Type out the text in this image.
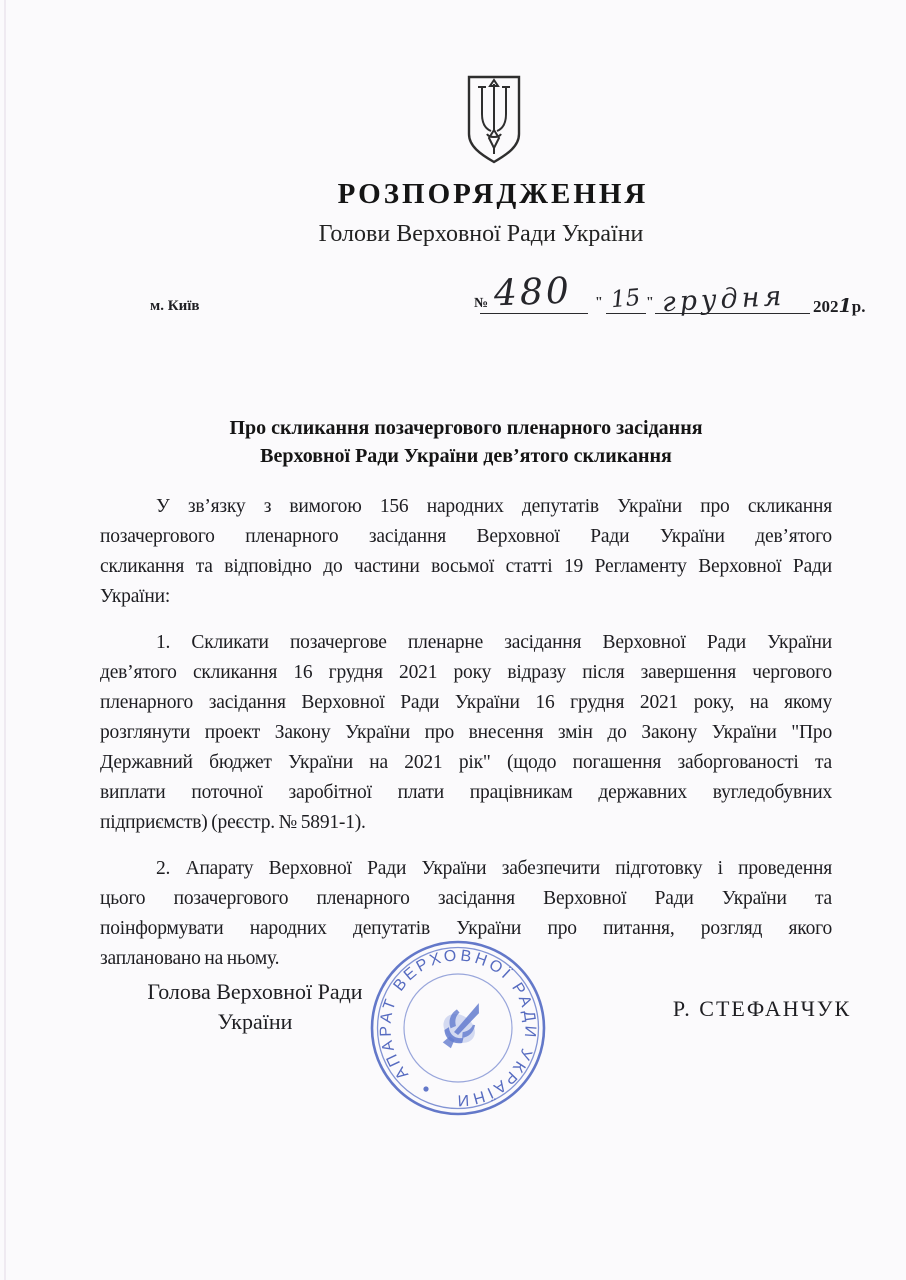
РОЗПОРЯДЖЕННЯ
Голови Верховної Ради України
м. Київ	№ 480 " 15 " грудня 2021р.
Про скликання позачергового пленарного засідання
Верховної Ради України дев’ятого скликання
У зв’язку з вимогою 156 народних депутатів України про скликання
позачергового пленарного засідання Верховної Ради України дев’ятого
скликання та відповідно до частини восьмої статті 19 Регламенту Верховної Ради
України:
1. Скликати позачергове пленарне засідання Верховної Ради України
дев’ятого скликання 16 грудня 2021 року відразу після завершення чергового
пленарного засідання Верховної Ради України 16 грудня 2021 року, на якому
розглянути проект Закону України про внесення змін до Закону України "Про
Державний бюджет України на 2021 рік" (щодо погашення заборгованості та
виплати поточної заробітної плати працівникам державних вугледобувних
підприємств) (реєстр. № 5891-1).
2. Апарату Верховної Ради України забезпечити підготовку і проведення
цього позачергового пленарного засідання Верховної Ради України та
поінформувати народних депутатів України про питання, розгляд якого
заплановано на ньому.
Голова Верховної Ради
України
Р. СТЕФАНЧУК
АПАРАТ ВЕРХОВНОЇ РАДИ УКРАЇНИ
